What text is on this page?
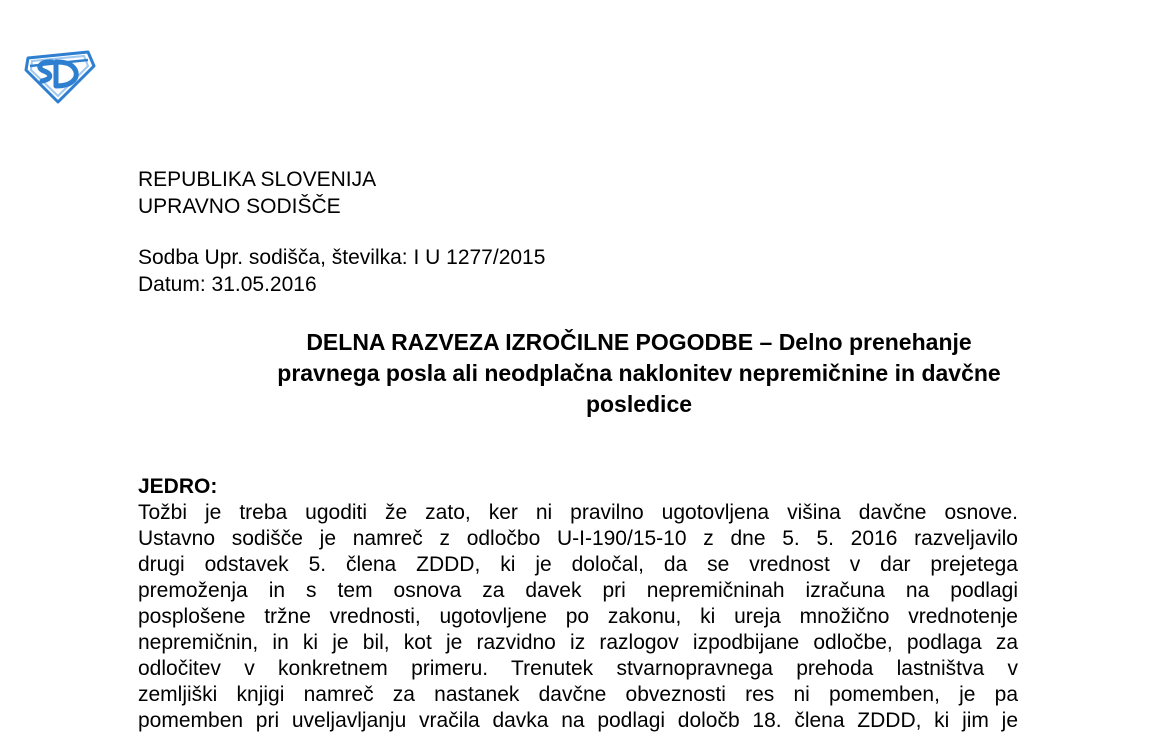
REPUBLIKA SLOVENIJA
UPRAVNO SODIŠČE
Sodba Upr. sodišča, številka: I U 1277/2015
Datum: 31.05.2016
DELNA RAZVEZA IZROČILNE POGODBE – Delno prenehanje
pravnega posla ali neodplačna naklonitev nepremičnine in davčne
posledice
JEDRO:
Tožbi je treba ugoditi že zato, ker ni pravilno ugotovljena višina davčne osnove.
Ustavno sodišče je namreč z odločbo U-I-190/15-10 z dne 5. 5. 2016 razveljavilo
drugi odstavek 5. člena ZDDD, ki je določal, da se vrednost v dar prejetega
premoženja in s tem osnova za davek pri nepremičninah izračuna na podlagi
posplošene tržne vrednosti, ugotovljene po zakonu, ki ureja množično vrednotenje
nepremičnin, in ki je bil, kot je razvidno iz razlogov izpodbijane odločbe, podlaga za
odločitev v konkretnem primeru. Trenutek stvarnopravnega prehoda lastništva v
zemljiški knjigi namreč za nastanek davčne obveznosti res ni pomemben, je pa
pomemben pri uveljavljanju vračila davka na podlagi določb 18. člena ZDDD, ki jim je
